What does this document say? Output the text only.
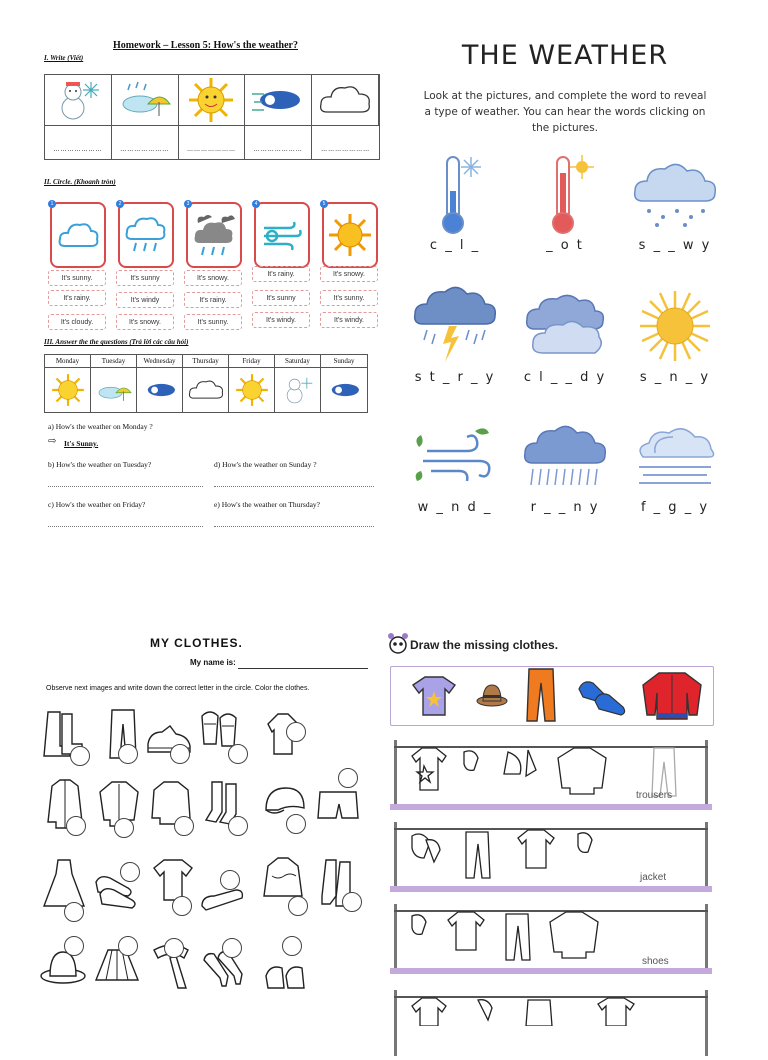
Homework – Lesson 5: How's the weather?
I. Write (Viết)
…………………	…………………	…………………	…………………	…………………
II. Circle. (Khoanh tròn)
1	2	3	4	5
It's sunny.
It's rainy.
It's cloudy.
It's sunny
It's windy
It's snowy.
It's snowy.
It's rainy.
It's sunny.
It's rainy.
It's sunny
It's windy.
It's snowy.
It's sunny.
It's windy.
III. Answer the the questions (Trả lời các câu hỏi)
Monday	Tuesday	Wednesday	Thursday	Friday	Saturday	Sunday
a) How's the weather on Monday ?
⇨ It's Sunny.
b) How's the weather on Tuesday?	d) How's the weather on Sunday ?
c) How's the weather on Friday?	e) How's the weather on Thursday?
THE WEATHER
Look at the pictures, and complete the word to reveal a type of weather. You can hear the words clicking on the pictures.
c _ l _	_ o t	s _ _ w y
s t _ r _ y	c l _ _ d y	s _ n _ y
w _ n d _	r _ _ n y	f _ g _ y
MY CLOTHES.
My name is:
Observe next images and write down the correct letter in the circle. Color the clothes.
Draw the missing clothes.
trousers
jacket
shoes
